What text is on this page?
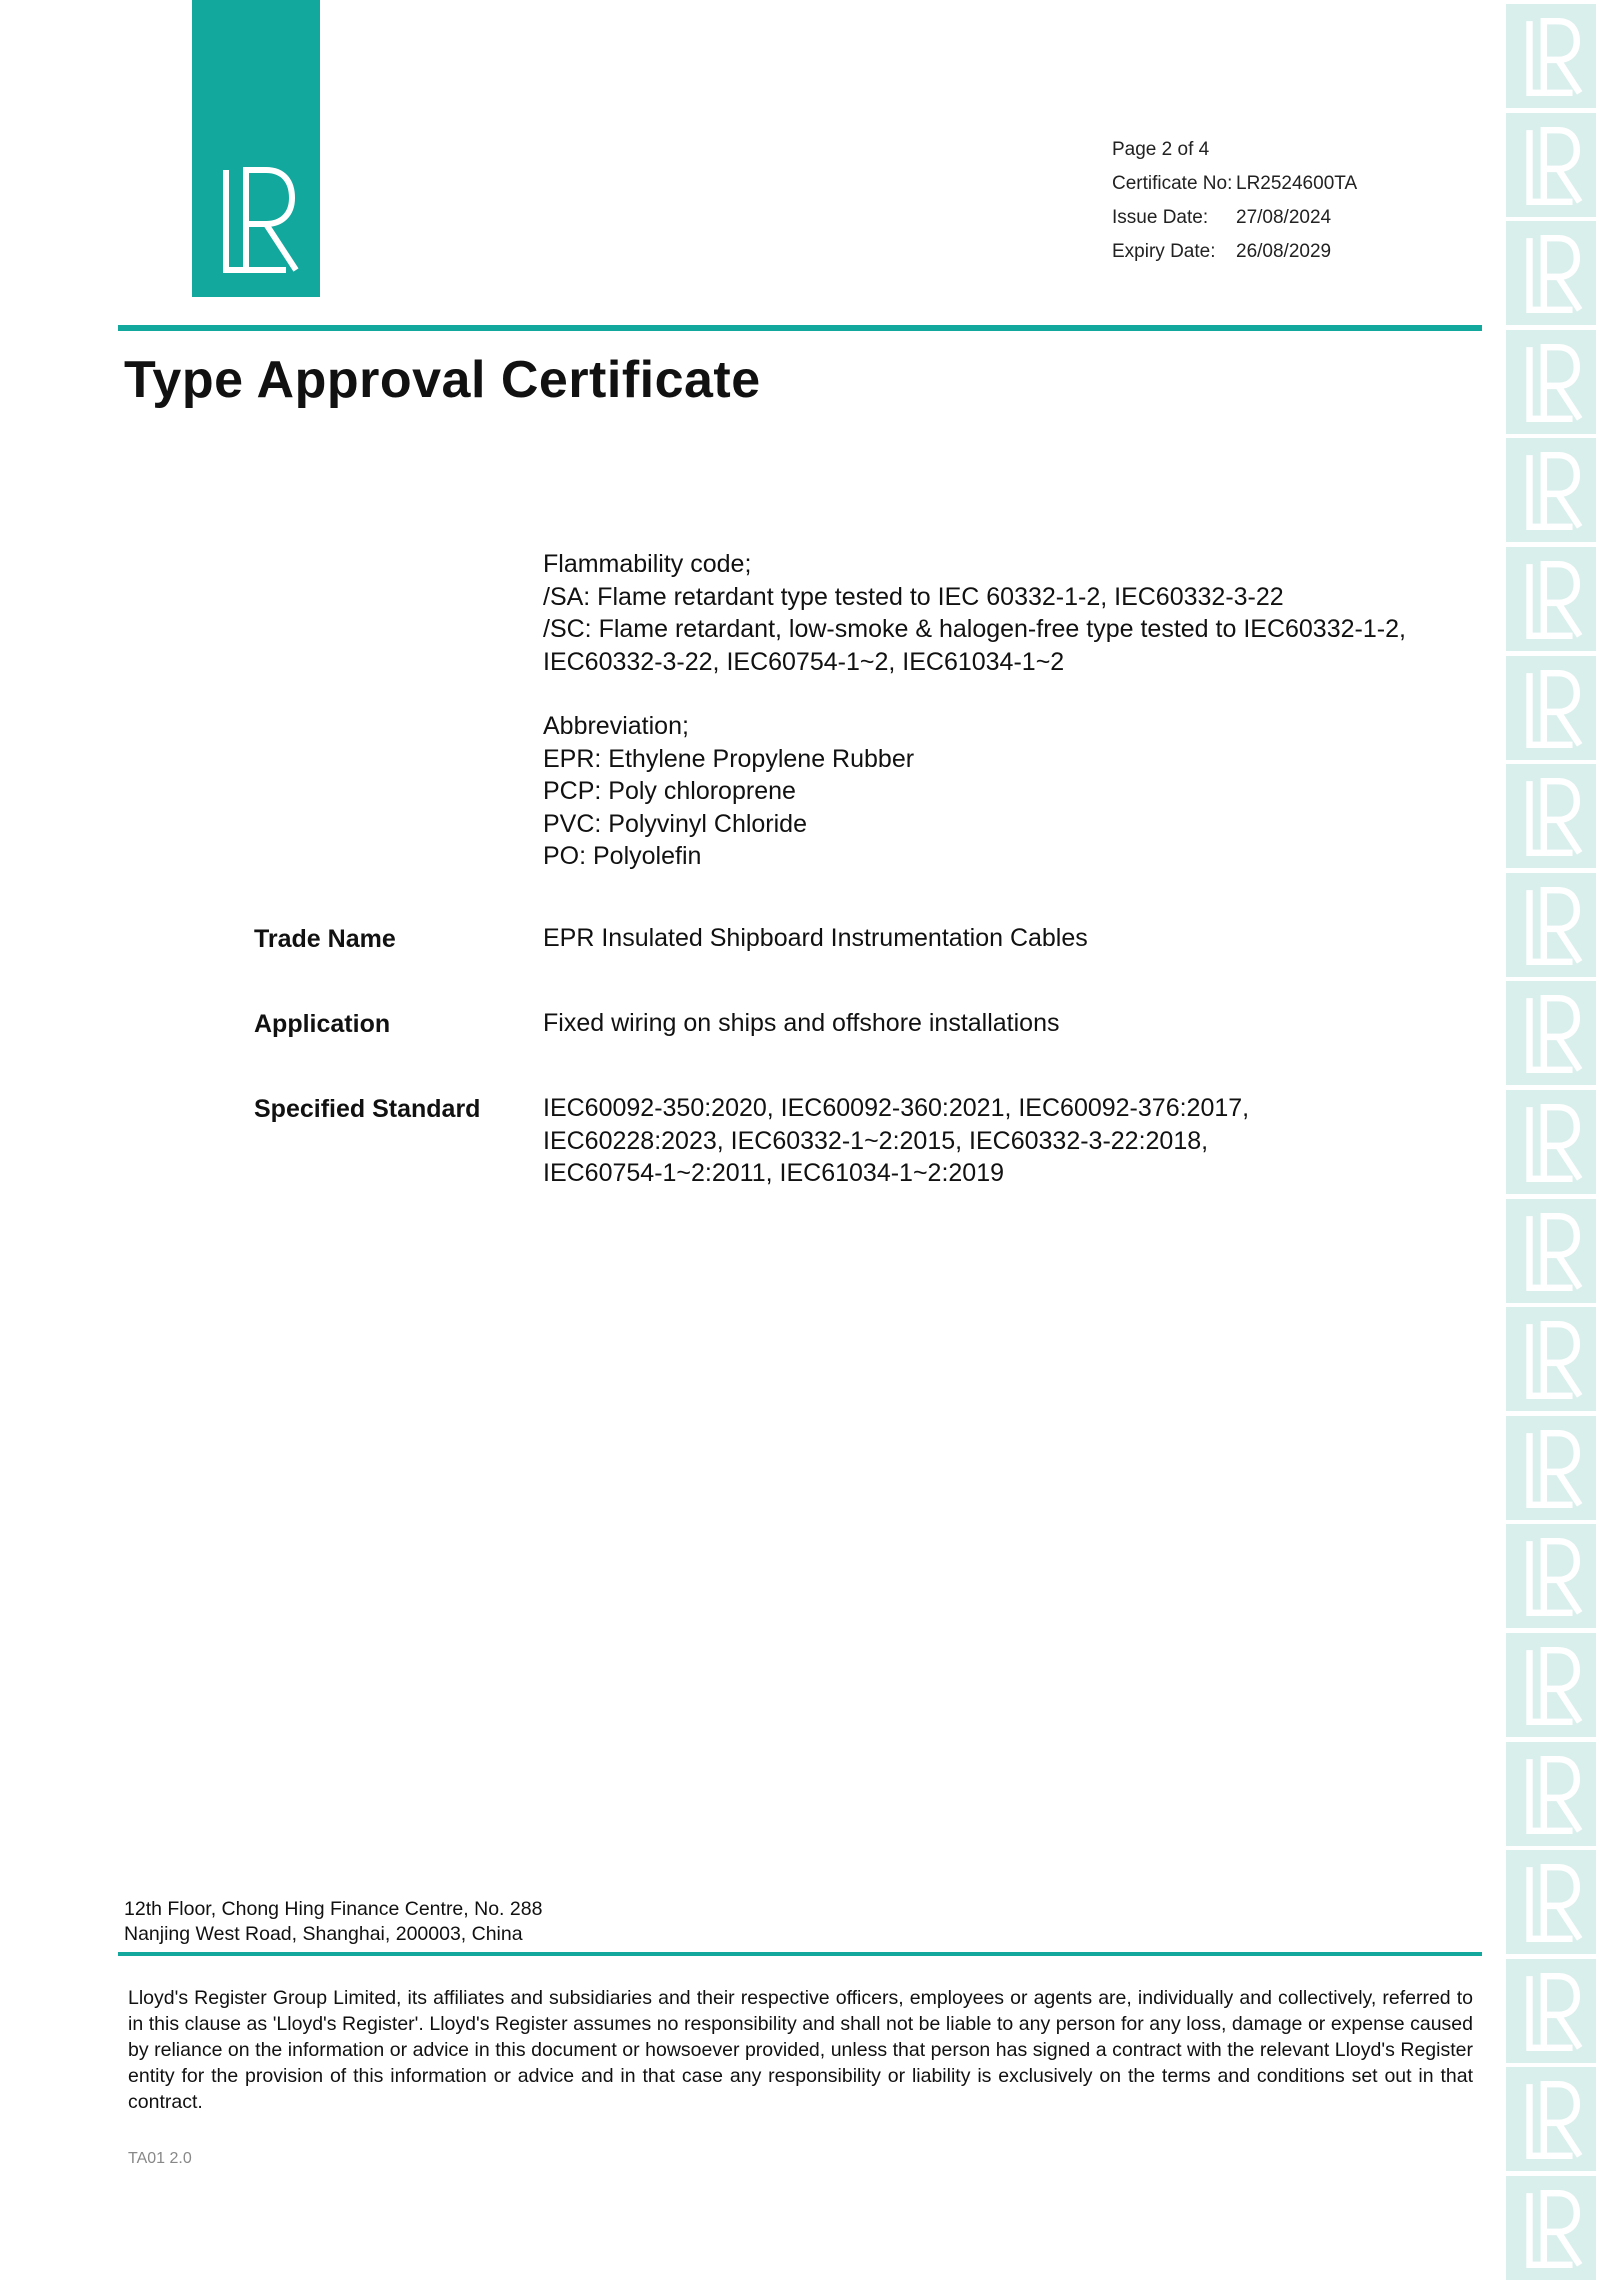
Page 2 of 4
Certificate No: LR2524600TA
Issue Date: 27/08/2024
Expiry Date: 26/08/2029
Type Approval Certificate
Flammability code;
/SA: Flame retardant type tested to IEC 60332-1-2, IEC60332-3-22
/SC: Flame retardant, low-smoke & halogen-free type tested to IEC60332-1-2,
IEC60332-3-22, IEC60754-1~2, IEC61034-1~2
Abbreviation;
EPR: Ethylene Propylene Rubber
PCP: Poly chloroprene
PVC: Polyvinyl Chloride
PO: Polyolefin
Trade Name	EPR Insulated Shipboard Instrumentation Cables
Application	Fixed wiring on ships and offshore installations
Specified Standard	IEC60092-350:2020, IEC60092-360:2021, IEC60092-376:2017,
IEC60228:2023, IEC60332-1~2:2015, IEC60332-3-22:2018,
IEC60754-1~2:2011, IEC61034-1~2:2019
12th Floor, Chong Hing Finance Centre, No. 288
Nanjing West Road, Shanghai, 200003, China
Lloyd's Register Group Limited, its affiliates and subsidiaries and their respective officers, employees or agents are, individually and collectively, referred to in this clause as 'Lloyd's Register'. Lloyd's Register assumes no responsibility and shall not be liable to any person for any loss, damage or expense caused by reliance on the information or advice in this document or howsoever provided, unless that person has signed a contract with the relevant Lloyd's Register entity for the provision of this information or advice and in that case any responsibility or liability is exclusively on the terms and conditions set out in that contract.
TA01 2.0
